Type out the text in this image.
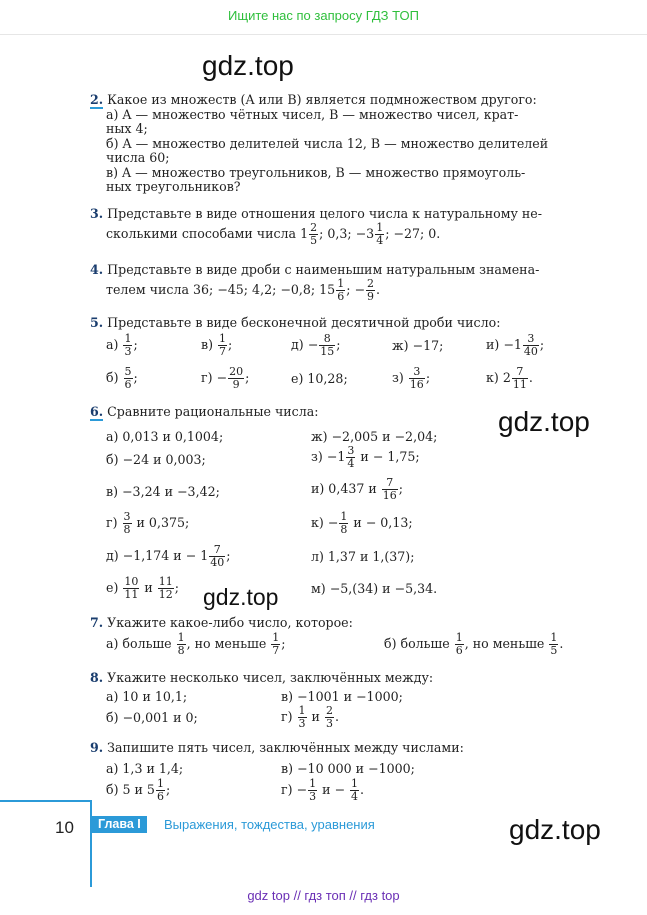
Ищите нас по запросу ГДЗ ТОП
gdz.top
gdz.top
gdz.top
gdz.top
2. Какое из множеств (A или B) является подмножеством другого:
а) A — множество чётных чисел, B — множество чисел, крат-
ных 4;
б) A — множество делителей числа 12, B — множество делителей
числа 60;
в) A — множество треугольников, B — множество прямоуголь-
ных треугольников?
3. Представьте в виде отношения целого числа к натуральному не-
сколькими способами числа $1 \frac{2}{5}$ ; 0,3; $-3 \frac{1}{4}$ ; −27; 0.
4. Представьте в виде дроби с наименьшим натуральным знамена-
телем числа 36; −45; 4,2; −0,8; $15 \frac{1}{6}$ ; − $\frac{2}{9}$ .
5. Представьте в виде бесконечной десятичной дроби число:
$а) \frac{1}{3}$ ;	$в) \frac{1}{7}$ ;	$д) - \frac{8}{15}$ ;	ж) −17;	$и) -1 \frac{3}{40}$ ;
$б) \frac{5}{6}$ ;	$г) - \frac{20}{9}$ ;	е) 10,28;	$з) \frac{3}{16}$ ;	к) $2 \frac{7}{11}$ .
6. Сравните рациональные числа:
а) 0,013 и 0,1004;	ж) −2,005 и −2,04;
б) −24 и 0,003;	$з) -1 \frac{3}{4}$ и − 1,75;
в) −3,24 и −3,42;	и) 0,437 и $\frac{7}{16}$ ;
$г) \frac{3}{8}$ и 0,375;	$к) - \frac{1}{8}$ и − 0,13;
д) −1,174 $и - 1 \frac{7}{40}$ ;	л) 1,37 и 1,(37);
$е) \frac{10}{11}$ и $\frac{11}{12}$ ;	м) −5,(34) и −5,34.
7. Укажите какое-либо число, которое:
а) больше $\frac{1}{8}$ , но меньше $\frac{1}{7}$ ;	б) больше $\frac{1}{6}$ , но меньше $\frac{1}{5}$ .
8. Укажите несколько чисел, заключённых между:
а) 10 и 10,1;	в) −1001 и −1000;
б) −0,001 и 0;	$г) \frac{1}{3}$ и $\frac{2}{3}$ .
9. Запишите пять чисел, заключённых между числами:
а) 1,3 и 1,4;	в) −10 000 и −1000;
б) 5 и $5 \frac{1}{6}$ ;	$г) - \frac{1}{3}$ $и - \frac{1}{4}$ .
10	Глава I	Выражения, тождества, уравнения
gdz top // гдз топ // гдз top
